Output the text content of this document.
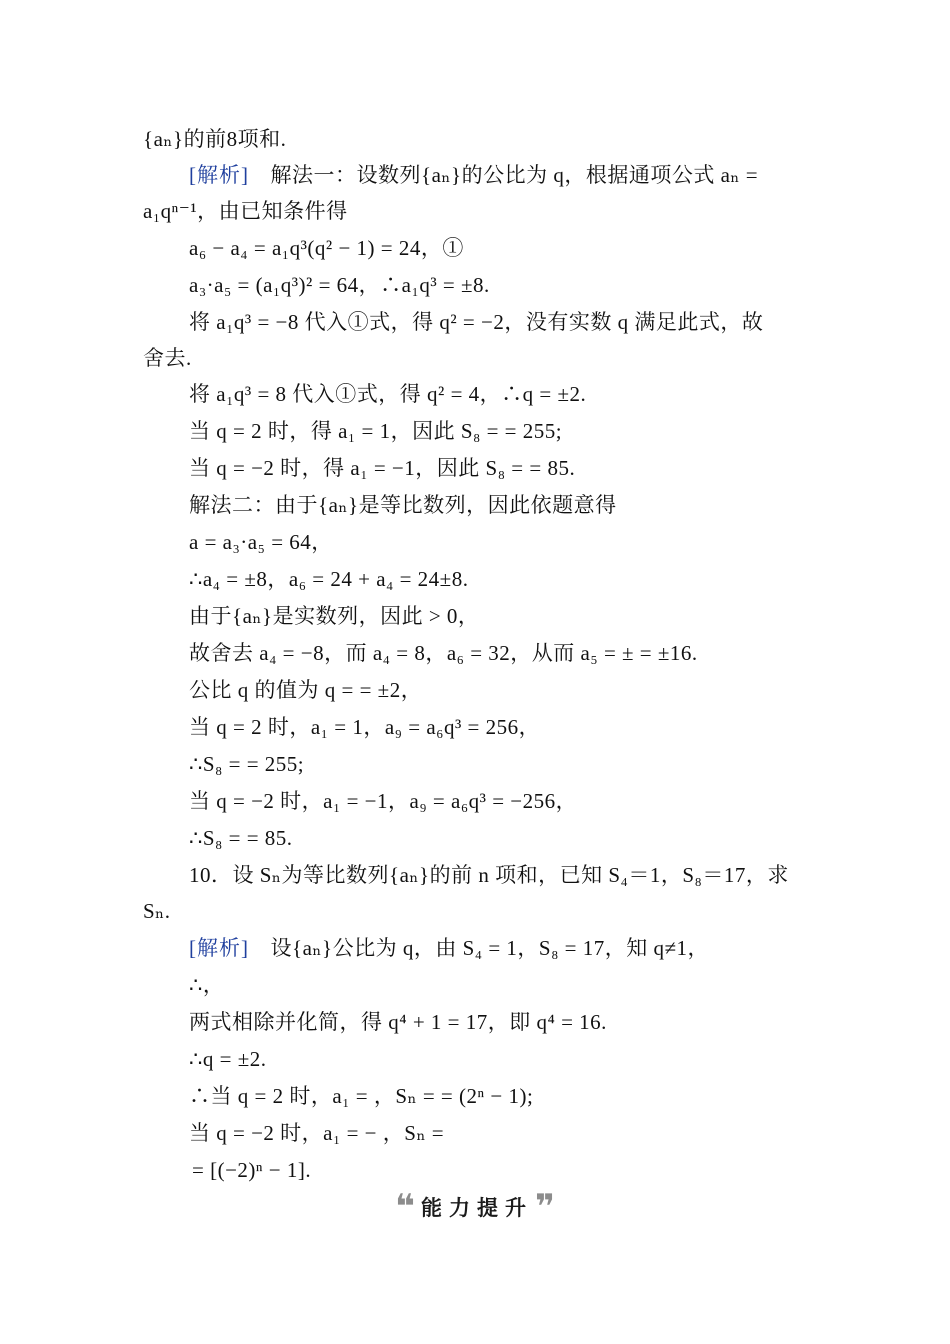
{aₙ}的前8项和.
[解析]  解法一：设数列{aₙ}的公比为 q，根据通项公式 aₙ =
a₁qⁿ⁻¹，由已知条件得
a₆ − a₄ = a₁q³(q² − 1) = 24，①
a₃·a₅ = (a₁q³)² = 64，∴a₁q³ = ±8.
将 a₁q³ = −8 代入①式，得 q² = −2，没有实数 q 满足此式，故
舍去.
将 a₁q³ = 8 代入①式，得 q² = 4，∴q = ±2.
当 q = 2 时，得 a₁ = 1，因此 S₈ = = 255;
当 q = −2 时，得 a₁ = −1，因此 S₈ = = 85.
解法二：由于{aₙ}是等比数列，因此依题意得
a = a₃·a₅ = 64，
∴a₄ = ±8，a₆ = 24 + a₄ = 24±8.
由于{aₙ}是实数列，因此 > 0，
故舍去 a₄ = −8，而 a₄ = 8，a₆ = 32，从而 a₅ = ± = ±16.
公比 q 的值为 q = = ±2，
当 q = 2 时，a₁ = 1，a₉ = a₆q³ = 256，
∴S₈ = = 255;
当 q = −2 时，a₁ = −1，a₉ = a₆q³ = −256，
∴S₈ = = 85.
10．设 Sₙ为等比数列{aₙ}的前 n 项和，已知 S₄＝1，S₈＝17，求
Sₙ.
[解析]  设{aₙ}公比为 q，由 S₄ = 1，S₈ = 17，知 q≠1，
∴，
两式相除并化简，得 q⁴ + 1 = 17，即 q⁴ = 16.
∴q = ±2.
∴当 q = 2 时，a₁ = ，Sₙ = = (2ⁿ − 1);
当 q = −2 时，a₁ = − ，Sₙ =
= [(−2)ⁿ − 1].
❝ 能力提升 ❞
